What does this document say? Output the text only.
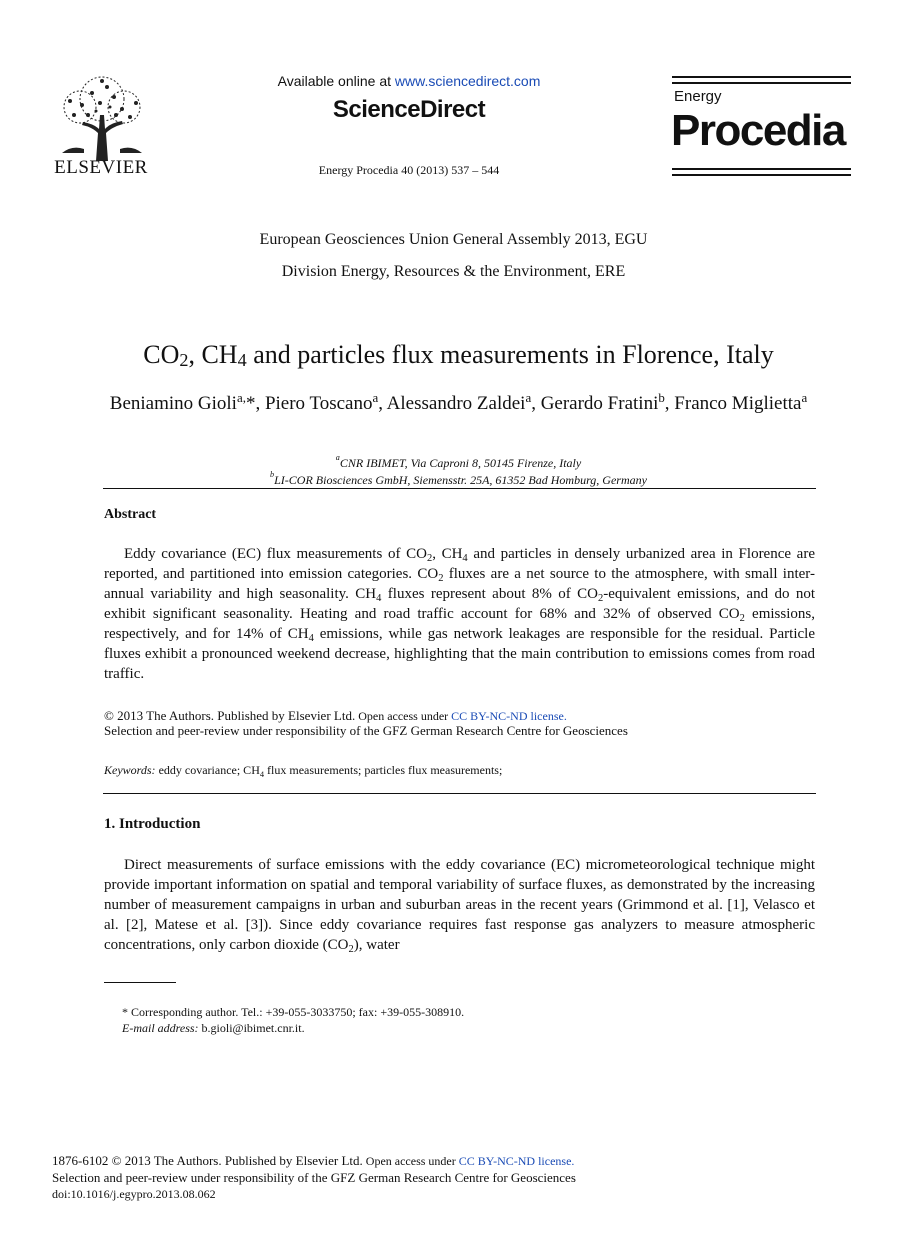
ELSEVIER
Available online at www.sciencedirect.com
ScienceDirect
Energy Procedia 40 (2013) 537 – 544
Energy
Procedia
European Geosciences Union General Assembly 2013, EGU
Division Energy, Resources & the Environment, ERE
$CO_2$, $CH_4$ and particles flux measurements in Florence, Italy
Beniamino Gioli$^{a,}$*, Piero Toscano$^a$, Alessandro Zaldei$^a$, Gerardo Fratini$^b$, Franco Miglietta$^a$
$^a$CNR IBIMET, Via Caproni 8, 50145 Firenze, Italy
$^b$LI-COR Biosciences GmbH, Siemensstr. 25A, 61352 Bad Homburg, Germany
Abstract

Eddy covariance (EC) flux measurements of $CO_2$, $CH_4$ and particles in densely urbanized area in Florence are reported, and partitioned into emission categories. $CO_2$ fluxes are a net source to the atmosphere, with small inter-annual variability and high seasonality. $CH_4$ fluxes represent about 8% of $CO_2$-equivalent emissions, and do not exhibit significant seasonality. Heating and road traffic account for 68% and 32% of observed $CO_2$ emissions, respectively, and for 14% of $CH_4$ emissions, while gas network leakages are responsible for the residual. Particle fluxes exhibit a pronounced weekend decrease, highlighting that the main contribution to emissions comes from road traffic.

© 2013 The Authors. Published by Elsevier Ltd. Open access under CC BY-NC-ND license.
Selection and peer-review under responsibility of the GFZ German Research Centre for Geosciences
Keywords: eddy covariance; $CH_4$ flux measurements; particles flux measurements;
1. Introduction

Direct measurements of surface emissions with the eddy covariance (EC) micrometeorological technique might provide important information on spatial and temporal variability of surface fluxes, as demonstrated by the increasing number of measurement campaigns in urban and suburban areas in the recent years (Grimmond et al. [1], Velasco et al. [2], Matese et al. [3]). Since eddy covariance requires fast response gas analyzers to measure atmospheric concentrations, only carbon dioxide $(CO_2)$, water

* Corresponding author. Tel.: +39-055-3033750; fax: +39-055-308910.
E-mail address: b.gioli@ibimet.cnr.it.
1876-6102 © 2013 The Authors. Published by Elsevier Ltd. Open access under CC BY-NC-ND license.
Selection and peer-review under responsibility of the GFZ German Research Centre for Geosciences
doi:10.1016/j.egypro.2013.08.062
